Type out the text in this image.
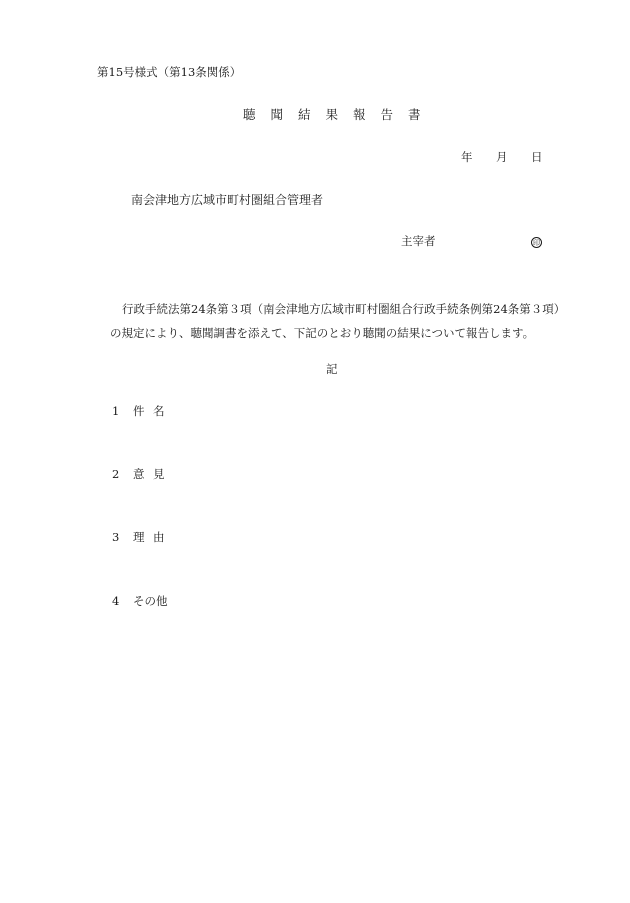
第15号様式（第13条関係）
聴 聞 結 果 報 告 書
年 月 日
南会津地方広域市町村圏組合管理者
主宰者	印
行政手続法第24条第３項（南会津地方広域市町村圏組合行政手続条例第24条第３項）
の規定により、聴聞調書を添えて、下記のとおり聴聞の結果について報告します。
記
1 件 名
2 意 見
3 理 由
4 その他
